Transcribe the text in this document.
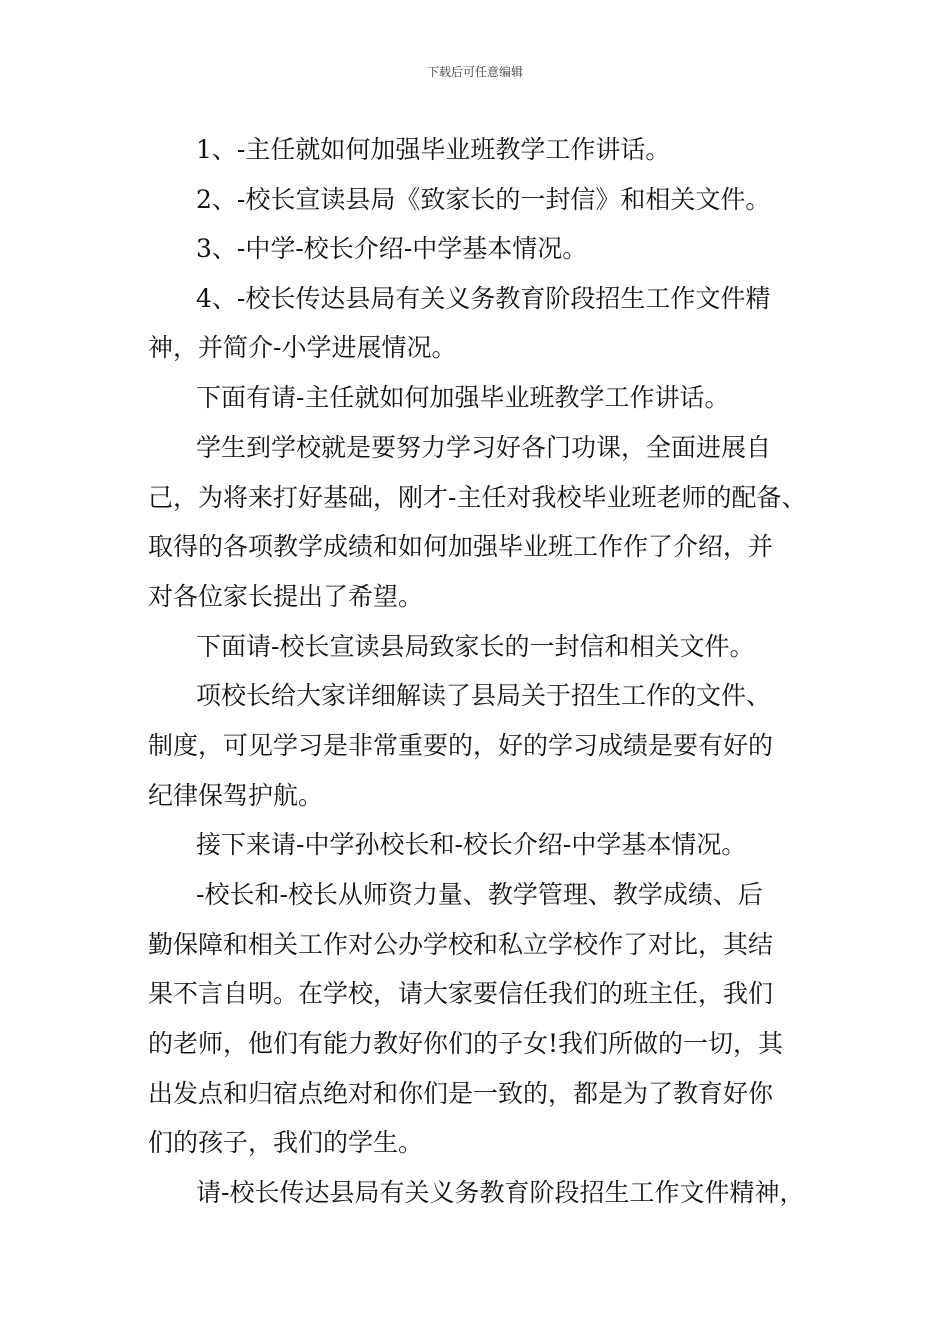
下载后可任意编辑
1、-主任就如何加强毕业班教学工作讲话。
2、-校长宣读县局《致家长的一封信》和相关文件。
3、-中学-校长介绍-中学基本情况。
4、-校长传达县局有关义务教育阶段招生工作文件精
神，并简介-小学进展情况。
下面有请-主任就如何加强毕业班教学工作讲话。
学生到学校就是要努力学习好各门功课，全面进展自
己，为将来打好基础，刚才-主任对我校毕业班老师的配备、
取得的各项教学成绩和如何加强毕业班工作作了介绍，并
对各位家长提出了希望。
下面请-校长宣读县局致家长的一封信和相关文件。
项校长给大家详细解读了县局关于招生工作的文件、
制度，可见学习是非常重要的，好的学习成绩是要有好的
纪律保驾护航。
接下来请-中学孙校长和-校长介绍-中学基本情况。
-校长和-校长从师资力量、教学管理、教学成绩、后
勤保障和相关工作对公办学校和私立学校作了对比，其结
果不言自明。在学校，请大家要信任我们的班主任，我们
的老师，他们有能力教好你们的子女!我们所做的一切，其
出发点和归宿点绝对和你们是一致的，都是为了教育好你
们的孩子，我们的学生。
请-校长传达县局有关义务教育阶段招生工作文件精神，
